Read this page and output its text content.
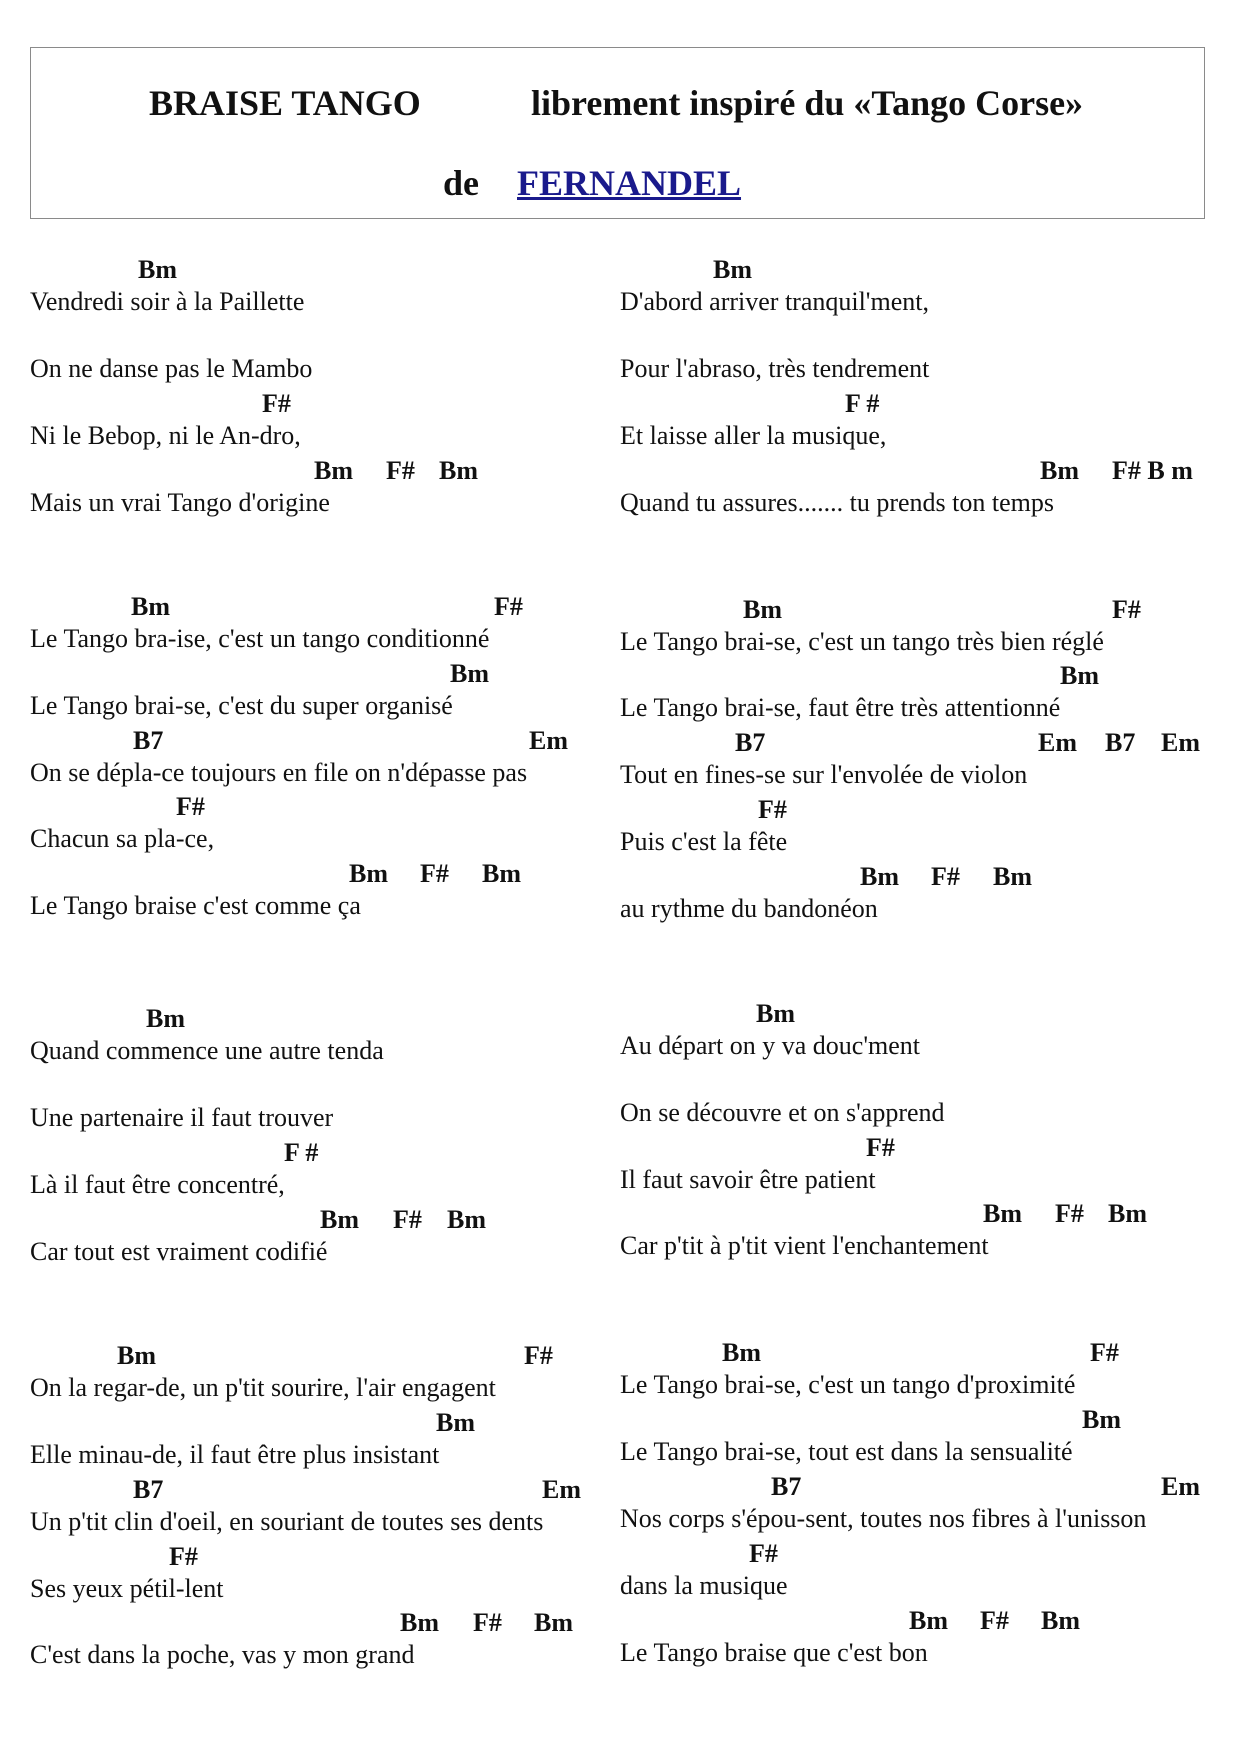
BRAISE TANGO	librement inspiré du «Tango Corse»
de FERNANDEL
Bm
Vendredi soir à la Paillette
On ne danse pas le Mambo
F#
Ni le Bebop, ni le An-dro,
Bm F# Bm
Mais un vrai Tango d'origine
Bm	F#
Le Tango bra-ise, c'est un tango conditionné
Bm
Le Tango brai-se, c'est du super organisé
B7	Em
On se dépla-ce toujours en file on n'dépasse pas
F#
Chacun sa pla-ce,
Bm F# Bm
Le Tango braise c'est comme ça
Bm
Quand commence une autre tenda
Une partenaire il faut trouver
F #
Là il faut être concentré,
Bm F# Bm
Car tout est vraiment codifié
Bm	F#
On la regar-de, un p'tit sourire, l'air engagent
Bm
Elle minau-de, il faut être plus insistant
B7	Em
Un p'tit clin d'oeil, en souriant de toutes ses dents
F#
Ses yeux pétil-lent
Bm F# Bm
C'est dans la poche, vas y mon grand
Bm
D'abord arriver tranquil'ment,
Pour l'abraso, très tendrement
F #
Et laisse aller la musique,
Bm F# B m
Quand tu assures....... tu prends ton temps
Bm	F#
Le Tango brai-se, c'est un tango très bien réglé
Bm
Le Tango brai-se, faut être très attentionné
B7	Em B7 Em
Tout en fines-se sur l'envolée de violon
F#
Puis c'est la fête
Bm F# Bm
au rythme du bandonéon
Bm
Au départ on y va douc'ment
On se découvre et on s'apprend
F#
Il faut savoir être patient
Bm F# Bm
Car p'tit à p'tit vient l'enchantement
Bm	F#
Le Tango brai-se, c'est un tango d'proximité
Bm
Le Tango brai-se, tout est dans la sensualité
B7	Em
Nos corps s'épou-sent, toutes nos fibres à l'unisson
F#
dans la musique
Bm F# Bm
Le Tango braise que c'est bon
